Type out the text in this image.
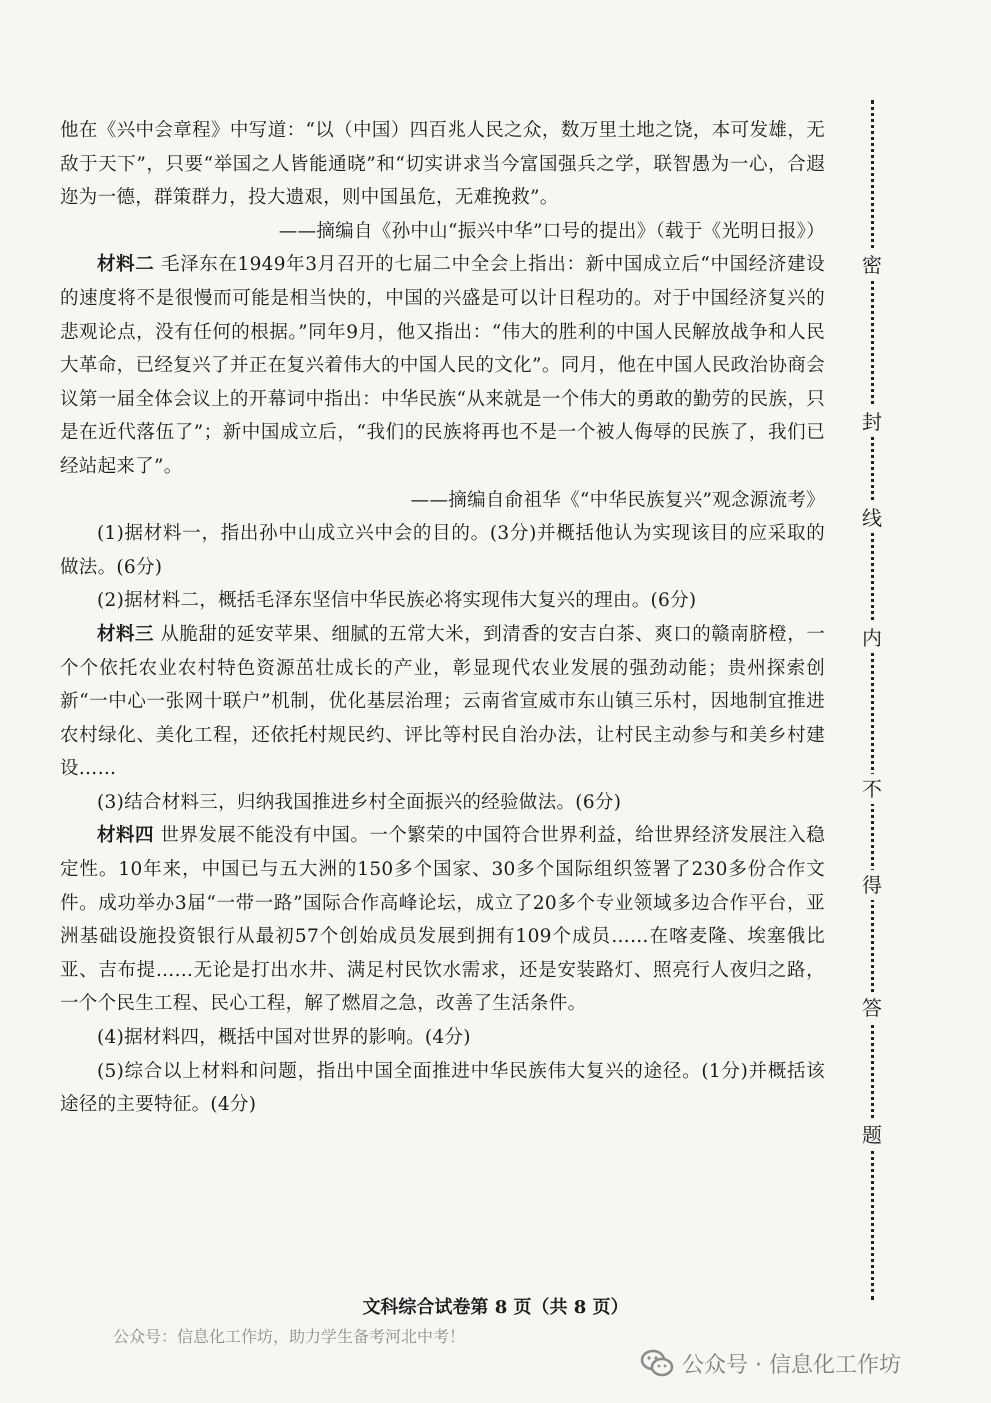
他在《兴中会章程》中写道：“以（中国）四百兆人民之众，数万里土地之饶，本可发雄，无敌于天下”，只要“举国之人皆能通晓”和“切实讲求当今富国强兵之学，联智愚为一心，合遐迩为一德，群策群力，投大遗艰，则中国虽危，无难挽救”。

——摘编自《孙中山“振兴中华”口号的提出》（载于《光明日报》）

材料二 毛泽东在1949年3月召开的七届二中全会上指出：新中国成立后“中国经济建设的速度将不是很慢而可能是相当快的，中国的兴盛是可以计日程功的。对于中国经济复兴的悲观论点，没有任何的根据。”同年9月，他又指出：“伟大的胜利的中国人民解放战争和人民大革命，已经复兴了并正在复兴着伟大的中国人民的文化”。同月，他在中国人民政治协商会议第一届全体会议上的开幕词中指出：中华民族“从来就是一个伟大的勇敢的勤劳的民族，只是在近代落伍了”；新中国成立后，“我们的民族将再也不是一个被人侮辱的民族了，我们已经站起来了”。

——摘编自俞祖华《“中华民族复兴”观念源流考》

(1)据材料一，指出孙中山成立兴中会的目的。(3分)并概括他认为实现该目的应采取的做法。(6分)

(2)据材料二，概括毛泽东坚信中华民族必将实现伟大复兴的理由。(6分)

材料三 从脆甜的延安苹果、细腻的五常大米，到清香的安吉白茶、爽口的赣南脐橙，一个个依托农业农村特色资源茁壮成长的产业，彰显现代农业发展的强劲动能；贵州探索创新“一中心一张网十联户”机制，优化基层治理；云南省宣威市东山镇三乐村，因地制宜推进农村绿化、美化工程，还依托村规民约、评比等村民自治办法，让村民主动参与和美乡村建设……

(3)结合材料三，归纳我国推进乡村全面振兴的经验做法。(6分)

材料四 世界发展不能没有中国。一个繁荣的中国符合世界利益，给世界经济发展注入稳定性。10年来，中国已与五大洲的150多个国家、30多个国际组织签署了230多份合作文件。成功举办3届“一带一路”国际合作高峰论坛，成立了20多个专业领域多边合作平台，亚洲基础设施投资银行从最初57个创始成员发展到拥有109个成员……在喀麦隆、埃塞俄比亚、吉布提……无论是打出水井、满足村民饮水需求，还是安装路灯、照亮行人夜归之路，一个个民生工程、民心工程，解了燃眉之急，改善了生活条件。

(4)据材料四，概括中国对世界的影响。(4分)

(5)综合以上材料和问题，指出中国全面推进中华民族伟大复兴的途径。(1分)并概括该途径的主要特征。(4分)

密
封
线
内
不
得
答
题
文科综合试卷第 8 页（共 8 页）
公众号：信息化工作坊，助力学生备考河北中考！
公众号 · 信息化工作坊
